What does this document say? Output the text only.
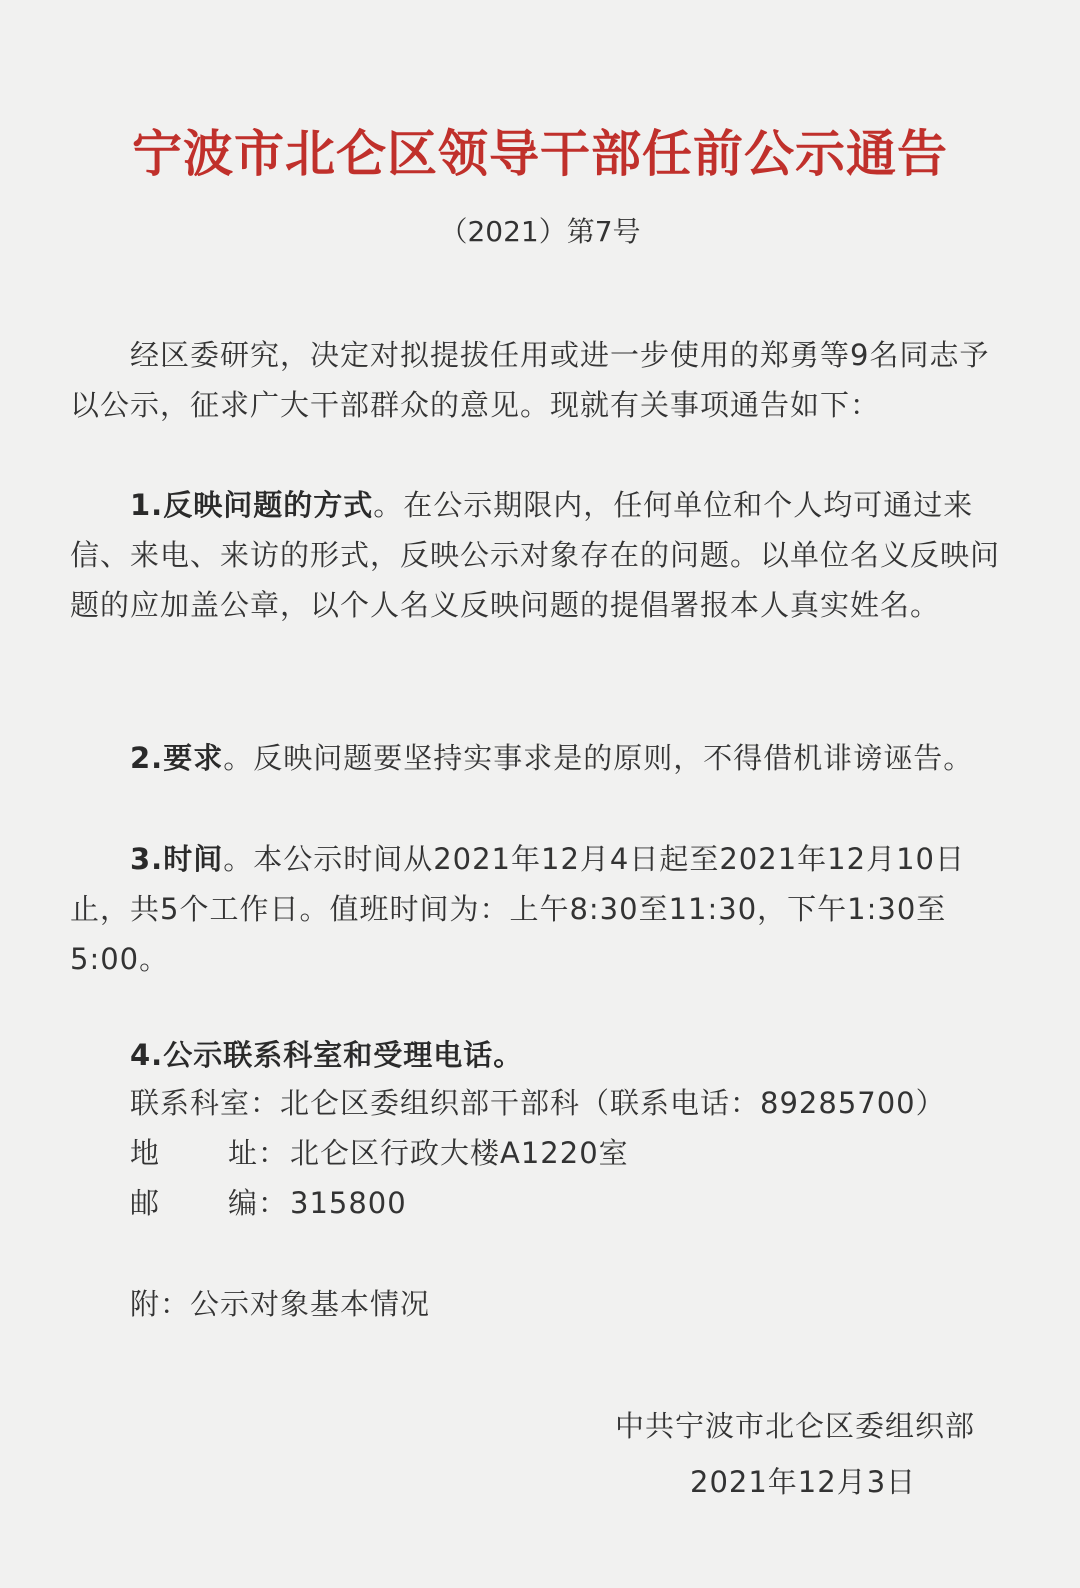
宁波市北仑区领导干部任前公示通告
（2021）第7号
经区委研究，决定对拟提拔任用或进一步使用的郑勇等9名同志予以公示，征求广大干部群众的意见。现就有关事项通告如下：
1.反映问题的方式。在公示期限内，任何单位和个人均可通过来信、来电、来访的形式，反映公示对象存在的问题。以单位名义反映问题的应加盖公章，以个人名义反映问题的提倡署报本人真实姓名。
2.要求。反映问题要坚持实事求是的原则，不得借机诽谤诬告。
3.时间。本公示时间从2021年12月4日起至2021年12月10日止，共5个工作日。值班时间为：上午8:30至11:30，下午1:30至5:00。
4.公示联系科室和受理电话。
联系科室：北仑区委组织部干部科（联系电话：89285700）
地 址：北仑区行政大楼A1220室
邮 编：315800
附：公示对象基本情况
中共宁波市北仑区委组织部
2021年12月3日
